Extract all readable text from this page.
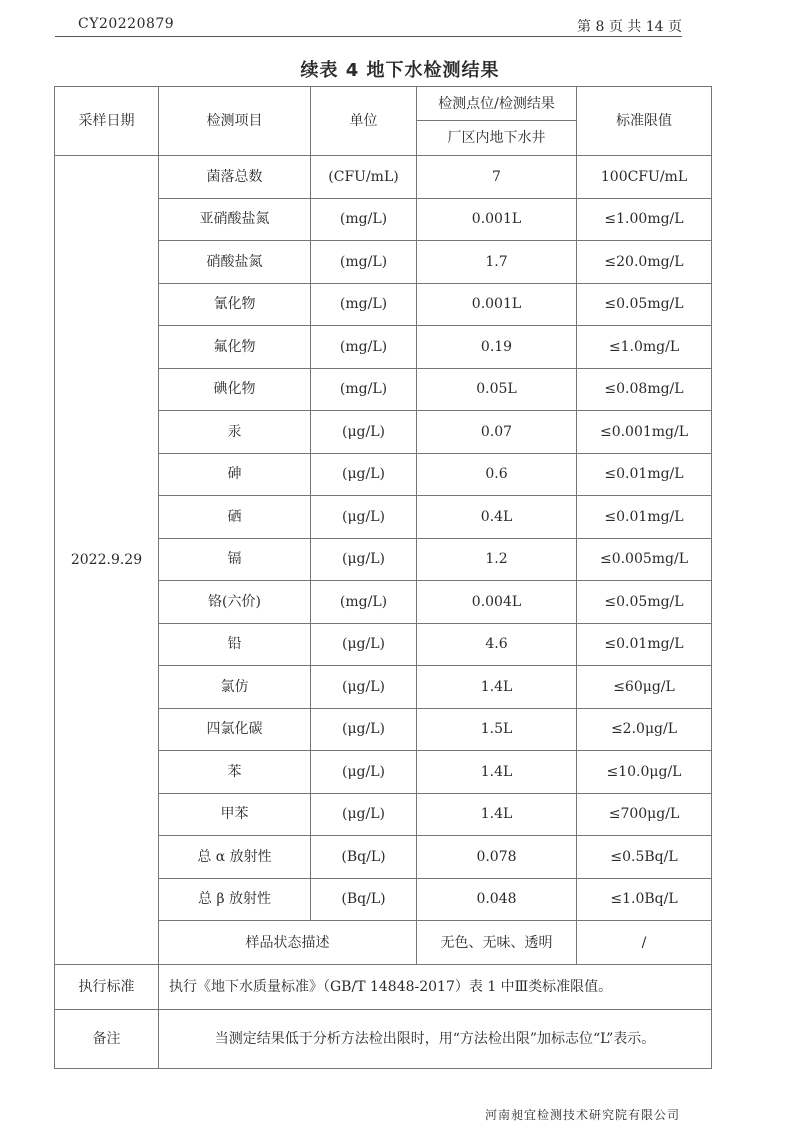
CY20220879	第 8 页 共 14 页
续表 4 地下水检测结果
采样日期	检测项目	单位	检测点位/检测结果	标准限值
			厂区内地下水井	
2022.9.29	菌落总数	(CFU/mL)	7	100CFU/mL
	亚硝酸盐氮	(mg/L)	0.001L	≤1.00mg/L
	硝酸盐氮	(mg/L)	1.7	≤20.0mg/L
	氰化物	(mg/L)	0.001L	≤0.05mg/L
	氟化物	(mg/L)	0.19	≤1.0mg/L
	碘化物	(mg/L)	0.05L	≤0.08mg/L
	汞	(μg/L)	0.07	≤0.001mg/L
	砷	(μg/L)	0.6	≤0.01mg/L
	硒	(μg/L)	0.4L	≤0.01mg/L
	镉	(μg/L)	1.2	≤0.005mg/L
	铬(六价)	(mg/L)	0.004L	≤0.05mg/L
	铅	(μg/L)	4.6	≤0.01mg/L
	氯仿	(μg/L)	1.4L	≤60μg/L
	四氯化碳	(μg/L)	1.5L	≤2.0μg/L
	苯	(μg/L)	1.4L	≤10.0μg/L
	甲苯	(μg/L)	1.4L	≤700μg/L
	总 α 放射性	(Bq/L)	0.078	≤0.5Bq/L
	总 β 放射性	(Bq/L)	0.048	≤1.0Bq/L
	样品状态描述		无色、无味、透明	/
执行标准	执行《地下水质量标准》（GB/T 14848-2017）表 1 中Ⅲ类标准限值。			
备注	当测定结果低于分析方法检出限时，用“方法检出限”加标志位“L”表示。			
河南昶宜检测技术研究院有限公司
